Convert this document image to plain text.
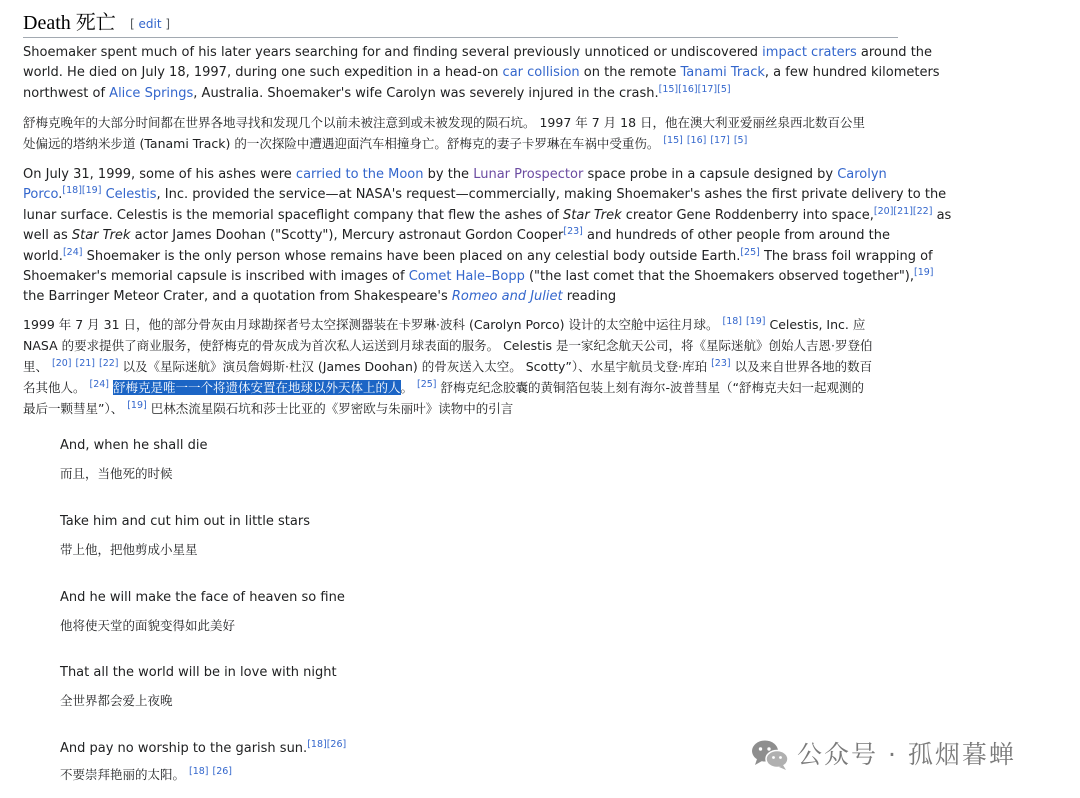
Death 死亡 [ edit ]
Shoemaker spent much of his later years searching for and finding several previously unnoticed or undiscovered impact craters around the
world. He died on July 18, 1997, during one such expedition in a head-on car collision on the remote Tanami Track, a few hundred kilometers
northwest of Alice Springs, Australia. Shoemaker's wife Carolyn was severely injured in the crash.[15][16][17][5]
舒梅克晚年的大部分时间都在世界各地寻找和发现几个以前未被注意到或未被发现的陨石坑。 1997 年 7 月 18 日，他在澳大利亚爱丽丝泉西北数百公里
处偏远的塔纳米步道 (Tanami Track) 的一次探险中遭遇迎面汽车相撞身亡。舒梅克的妻子卡罗琳在车祸中受重伤。 [15] [16] [17] [5]
On July 31, 1999, some of his ashes were carried to the Moon by the Lunar Prospector space probe in a capsule designed by Carolyn
Porco.[18][19] Celestis, Inc. provided the service—at NASA's request—commercially, making Shoemaker's ashes the first private delivery to the
lunar surface. Celestis is the memorial spaceflight company that flew the ashes of Star Trek creator Gene Roddenberry into space,[20][21][22] as
well as Star Trek actor James Doohan ("Scotty"), Mercury astronaut Gordon Cooper[23] and hundreds of other people from around the
world.[24] Shoemaker is the only person whose remains have been placed on any celestial body outside Earth.[25] The brass foil wrapping of
Shoemaker's memorial capsule is inscribed with images of Comet Hale–Bopp ("the last comet that the Shoemakers observed together"),[19]
the Barringer Meteor Crater, and a quotation from Shakespeare's Romeo and Juliet reading
1999 年 7 月 31 日，他的部分骨灰由月球勘探者号太空探测器装在卡罗琳·波科 (Carolyn Porco) 设计的太空舱中运往月球。 [18] [19] Celestis, Inc. 应
NASA 的要求提供了商业服务，使舒梅克的骨灰成为首次私人运送到月球表面的服务。 Celestis 是一家纪念航天公司，将《星际迷航》创始人吉恩·罗登伯
里、 [20] [21] [22] 以及《星际迷航》演员詹姆斯·杜汉 (James Doohan) 的骨灰送入太空。 Scotty”）、水星宇航员戈登·库珀 [23] 以及来自世界各地的数百
名其他人。 [24] 舒梅克是唯一一个将遗体安置在地球以外天体上的人。 [25] 舒梅克纪念胶囊的黄铜箔包装上刻有海尔-波普彗星（“舒梅克夫妇一起观测的
最后一颗彗星”）、 [19] 巴林杰流星陨石坑和莎士比亚的《罗密欧与朱丽叶》读物中的引言
And, when he shall die
而且，当他死的时候
Take him and cut him out in little stars
带上他，把他剪成小星星
And he will make the face of heaven so fine
他将使天堂的面貌变得如此美好
That all the world will be in love with night
全世界都会爱上夜晚
And pay no worship to the garish sun.[18][26]
不要崇拜艳丽的太阳。 [18] [26]
公众号 · 孤烟暮蝉
